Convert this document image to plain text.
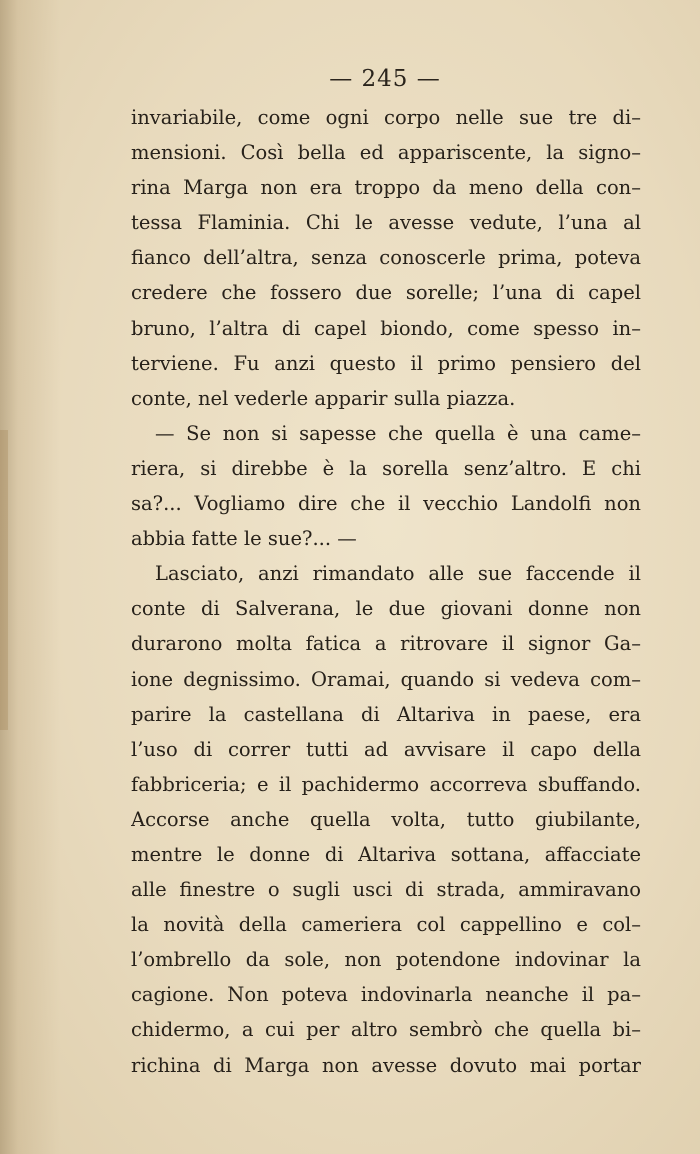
— 245 —
invariabile, come ogni corpo nelle sue tre di–
mensioni. Così bella ed appariscente, la signo–
rina Marga non era troppo da meno della con–
tessa Flaminia. Chi le avesse vedute, l’una al
fianco dell’altra, senza conoscerle prima, poteva
credere che fossero due sorelle; l’una di capel
bruno, l’altra di capel biondo, come spesso in–
terviene. Fu anzi questo il primo pensiero del
conte, nel vederle apparir sulla piazza.
— Se non si sapesse che quella è una came–
riera, si direbbe è la sorella senz’altro. E chi
sa?... Vogliamo dire che il vecchio Landolfi non
abbia fatte le sue?... —
Lasciato, anzi rimandato alle sue faccende il
conte di Salverana, le due giovani donne non
durarono molta fatica a ritrovare il signor Ga–
ione degnissimo. Oramai, quando si vedeva com–
parire la castellana di Altariva in paese, era
l’uso di correr tutti ad avvisare il capo della
fabbriceria; e il pachidermo accorreva sbuffando.
Accorse anche quella volta, tutto giubilante,
mentre le donne di Altariva sottana, affacciate
alle finestre o sugli usci di strada, ammiravano
la novità della cameriera col cappellino e col–
l’ombrello da sole, non potendone indovinar la
cagione. Non poteva indovinarla neanche il pa–
chidermo, a cui per altro sembrò che quella bi–
richina di Marga non avesse dovuto mai portar
